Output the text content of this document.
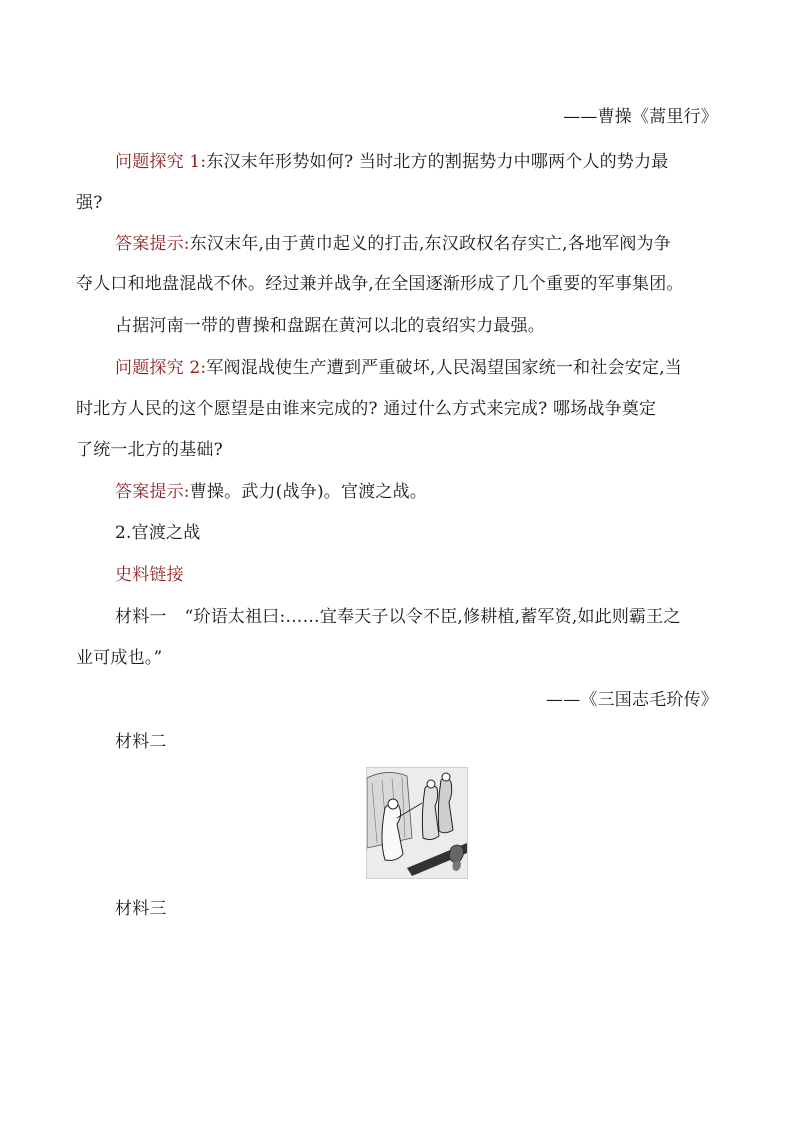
——曹操《蒿里行》
问题探究 1:东汉末年形势如何? 当时北方的割据势力中哪两个人的势力最
强?
答案提示:东汉末年,由于黄巾起义的打击,东汉政权名存实亡,各地军阀为争
夺人口和地盘混战不休。经过兼并战争,在全国逐渐形成了几个重要的军事集团。
占据河南一带的曹操和盘踞在黄河以北的袁绍实力最强。
问题探究 2:军阀混战使生产遭到严重破坏,人民渴望国家统一和社会安定,当
时北方人民的这个愿望是由谁来完成的? 通过什么方式来完成? 哪场战争奠定
了统一北方的基础?
答案提示:曹操。武力(战争)。官渡之战。
2.官渡之战
史料链接
材料一 “玠语太祖曰:……宜奉天子以令不臣,修耕植,蓄军资,如此则霸王之
业可成也。”
——《三国志毛玠传》
材料二
材料三
